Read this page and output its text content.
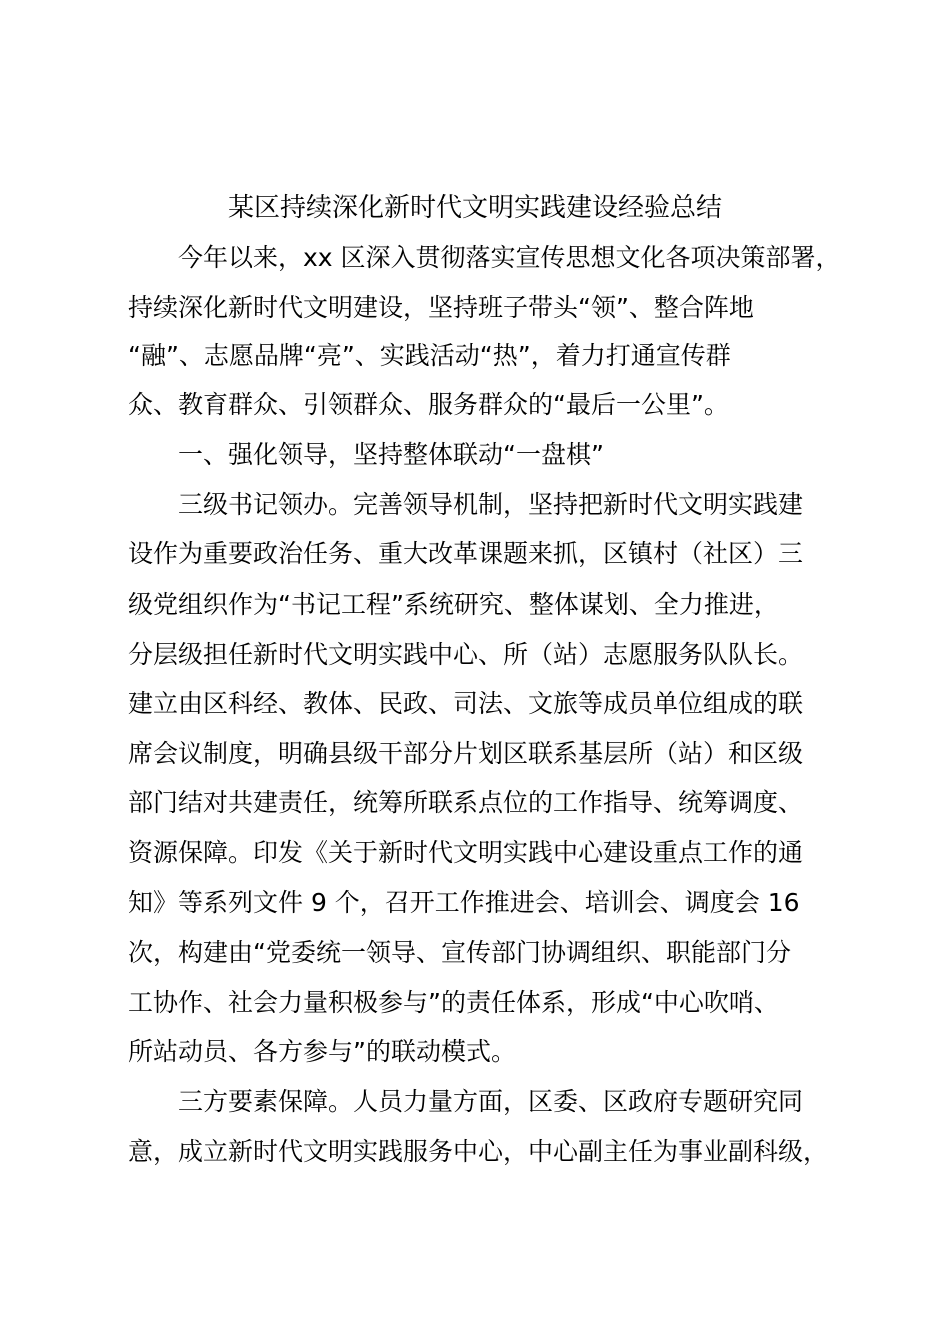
某区持续深化新时代文明实践建设经验总结
今年以来，xx 区深入贯彻落实宣传思想文化各项决策部署，
持续深化新时代文明建设，坚持班子带头“领”、整合阵地
“融”、志愿品牌“亮”、实践活动“热”，着力打通宣传群
众、教育群众、引领群众、服务群众的“最后一公里”。
一、强化领导，坚持整体联动“一盘棋”
三级书记领办。完善领导机制，坚持把新时代文明实践建
设作为重要政治任务、重大改革课题来抓，区镇村（社区）三
级党组织作为“书记工程”系统研究、整体谋划、全力推进，
分层级担任新时代文明实践中心、所（站）志愿服务队队长。
建立由区科经、教体、民政、司法、文旅等成员单位组成的联
席会议制度，明确县级干部分片划区联系基层所（站）和区级
部门结对共建责任，统筹所联系点位的工作指导、统筹调度、
资源保障。印发《关于新时代文明实践中心建设重点工作的通
知》等系列文件 9 个，召开工作推进会、培训会、调度会 16
次，构建由“党委统一领导、宣传部门协调组织、职能部门分
工协作、社会力量积极参与”的责任体系，形成“中心吹哨、
所站动员、各方参与”的联动模式。
三方要素保障。人员力量方面，区委、区政府专题研究同
意，成立新时代文明实践服务中心，中心副主任为事业副科级，
